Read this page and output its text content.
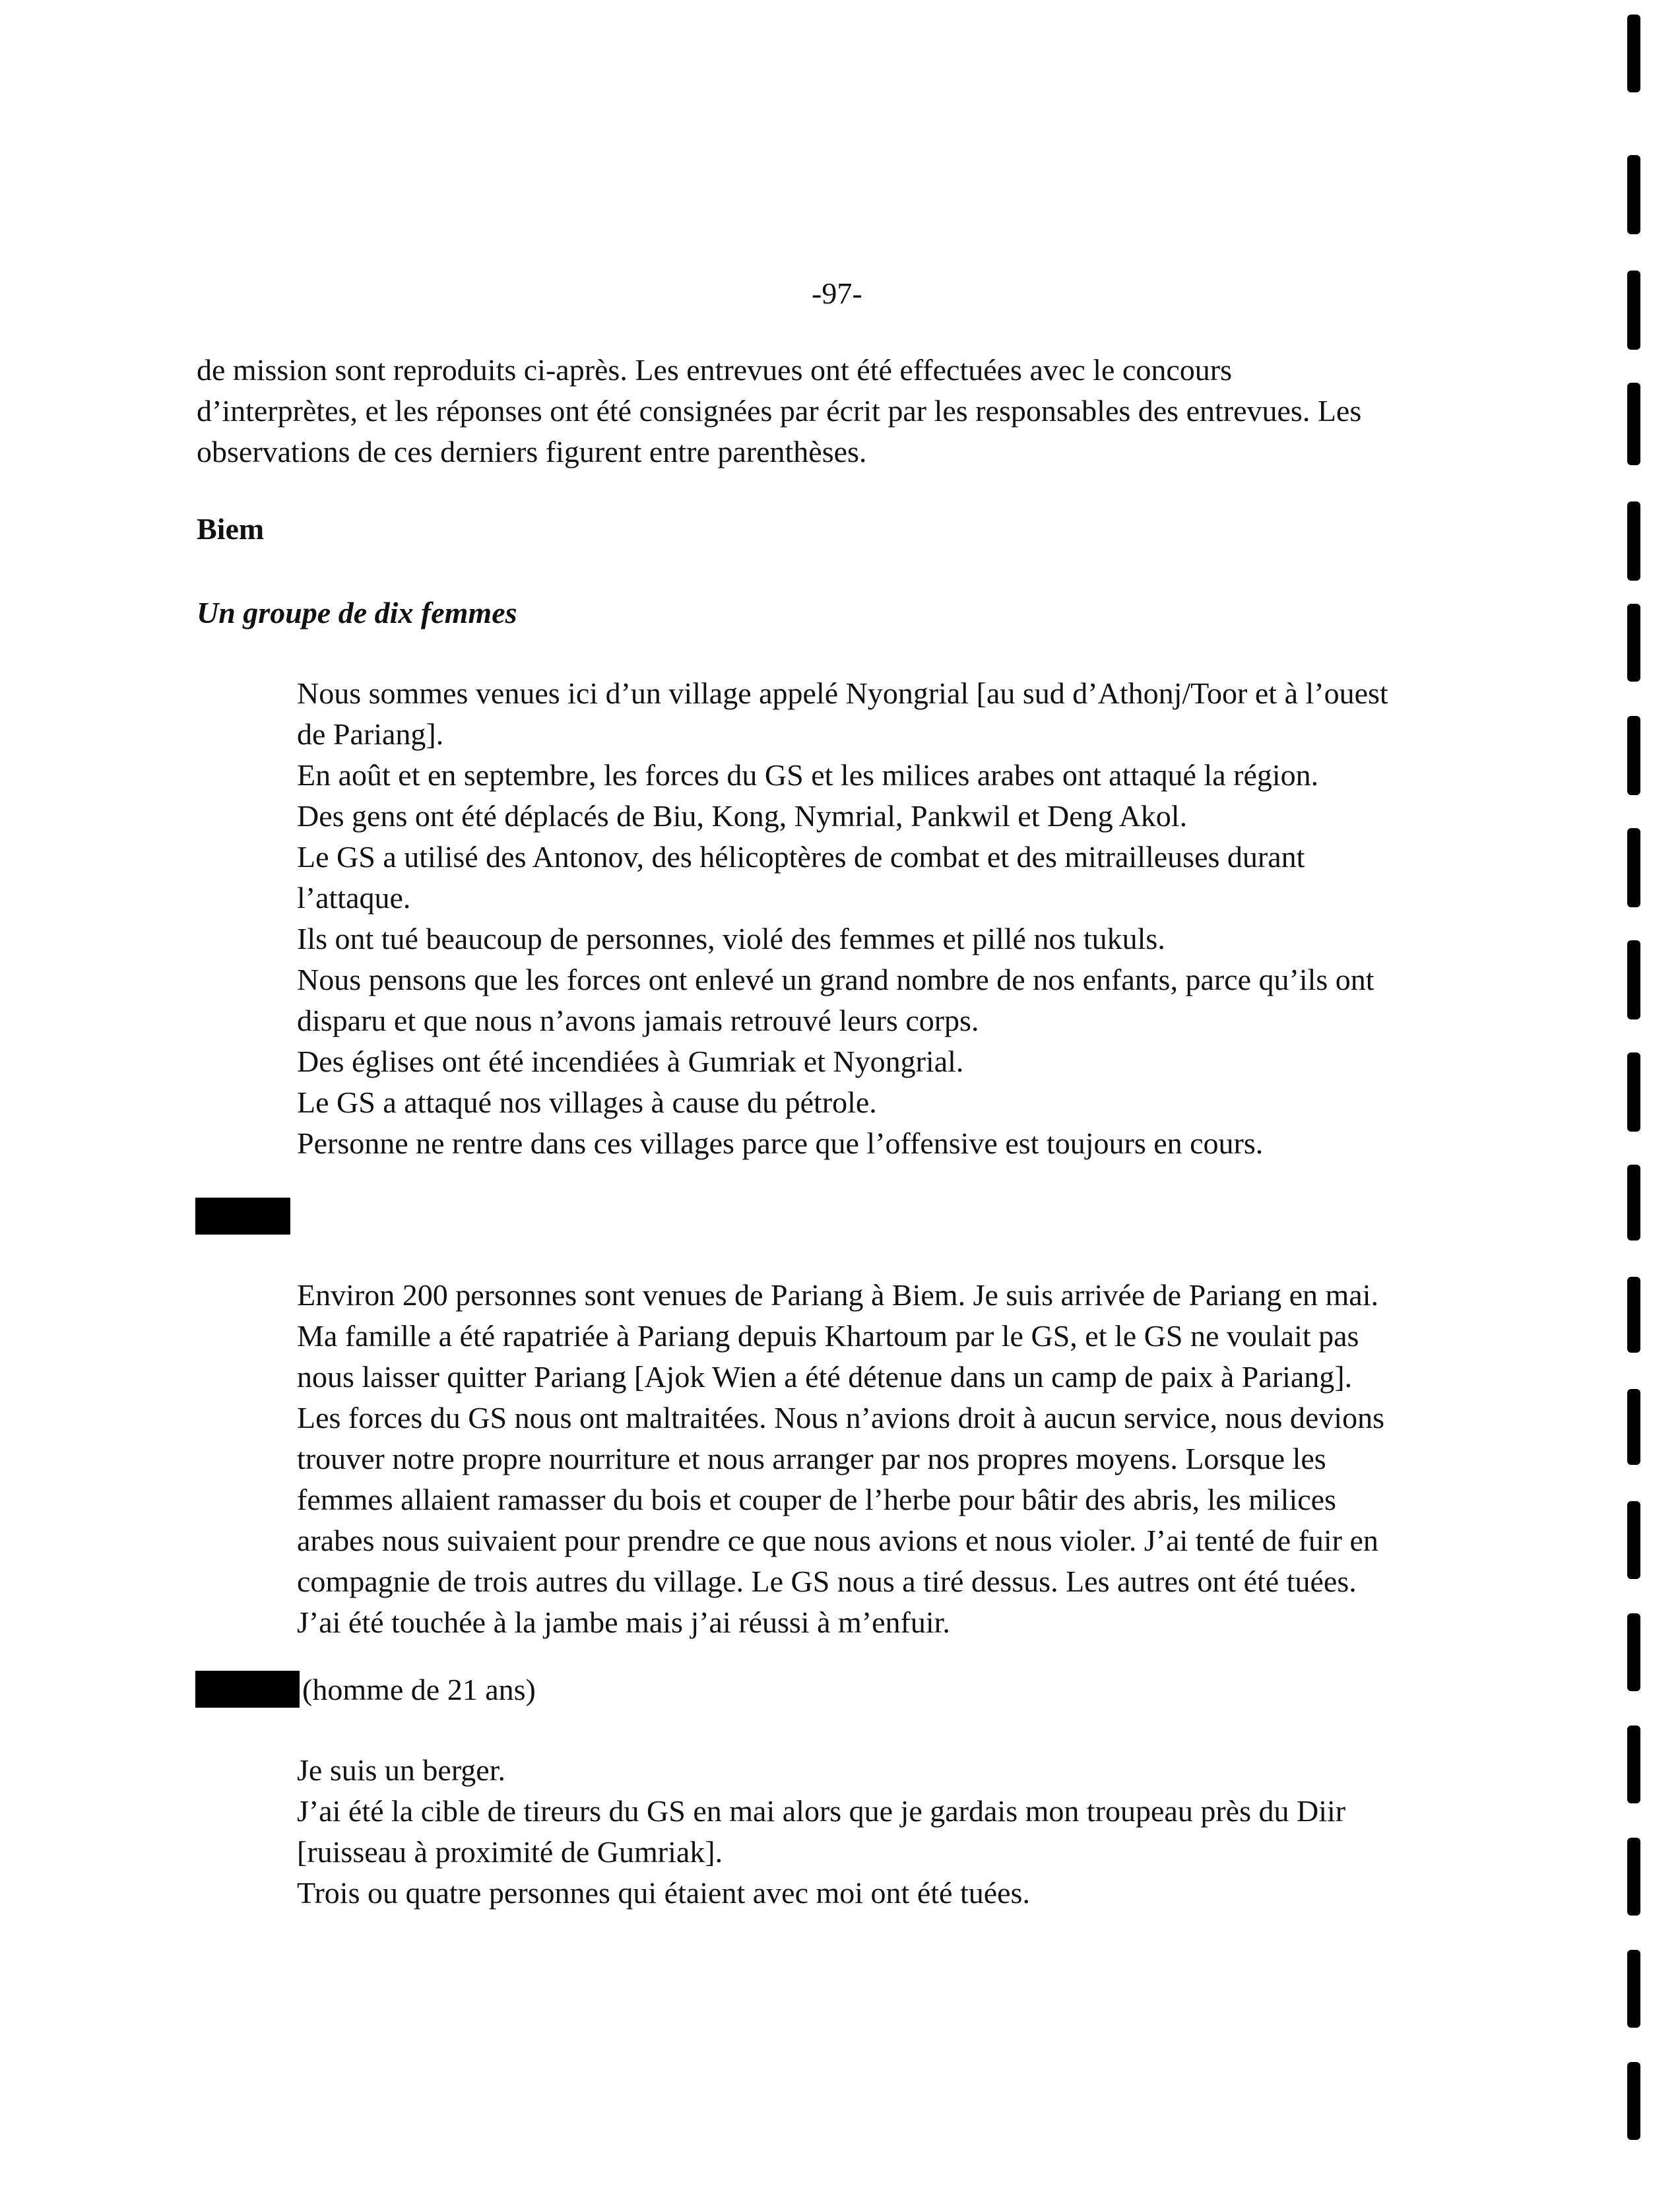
-97-
de mission sont reproduits ci-après. Les entrevues ont été effectuées avec le concours
d’interprètes, et les réponses ont été consignées par écrit par les responsables des entrevues. Les
observations de ces derniers figurent entre parenthèses.
Biem
Un groupe de dix femmes
Nous sommes venues ici d’un village appelé Nyongrial [au sud d’Athonj/Toor et à l’ouest
de Pariang].
En août et en septembre, les forces du GS et les milices arabes ont attaqué la région.
Des gens ont été déplacés de Biu, Kong, Nymrial, Pankwil et Deng Akol.
Le GS a utilisé des Antonov, des hélicoptères de combat et des mitrailleuses durant
l’attaque.
Ils ont tué beaucoup de personnes, violé des femmes et pillé nos tukuls.
Nous pensons que les forces ont enlevé un grand nombre de nos enfants, parce qu’ils ont
disparu et que nous n’avons jamais retrouvé leurs corps.
Des églises ont été incendiées à Gumriak et Nyongrial.
Le GS a attaqué nos villages à cause du pétrole.
Personne ne rentre dans ces villages parce que l’offensive est toujours en cours.
Environ 200 personnes sont venues de Pariang à Biem. Je suis arrivée de Pariang en mai.
Ma famille a été rapatriée à Pariang depuis Khartoum par le GS, et le GS ne voulait pas
nous laisser quitter Pariang [Ajok Wien a été détenue dans un camp de paix à Pariang].
Les forces du GS nous ont maltraitées. Nous n’avions droit à aucun service, nous devions
trouver notre propre nourriture et nous arranger par nos propres moyens. Lorsque les
femmes allaient ramasser du bois et couper de l’herbe pour bâtir des abris, les milices
arabes nous suivaient pour prendre ce que nous avions et nous violer. J’ai tenté de fuir en
compagnie de trois autres du village. Le GS nous a tiré dessus. Les autres ont été tuées.
J’ai été touchée à la jambe mais j’ai réussi à m’enfuir.
(homme de 21 ans)
Je suis un berger.
J’ai été la cible de tireurs du GS en mai alors que je gardais mon troupeau près du Diir
[ruisseau à proximité de Gumriak].
Trois ou quatre personnes qui étaient avec moi ont été tuées.
